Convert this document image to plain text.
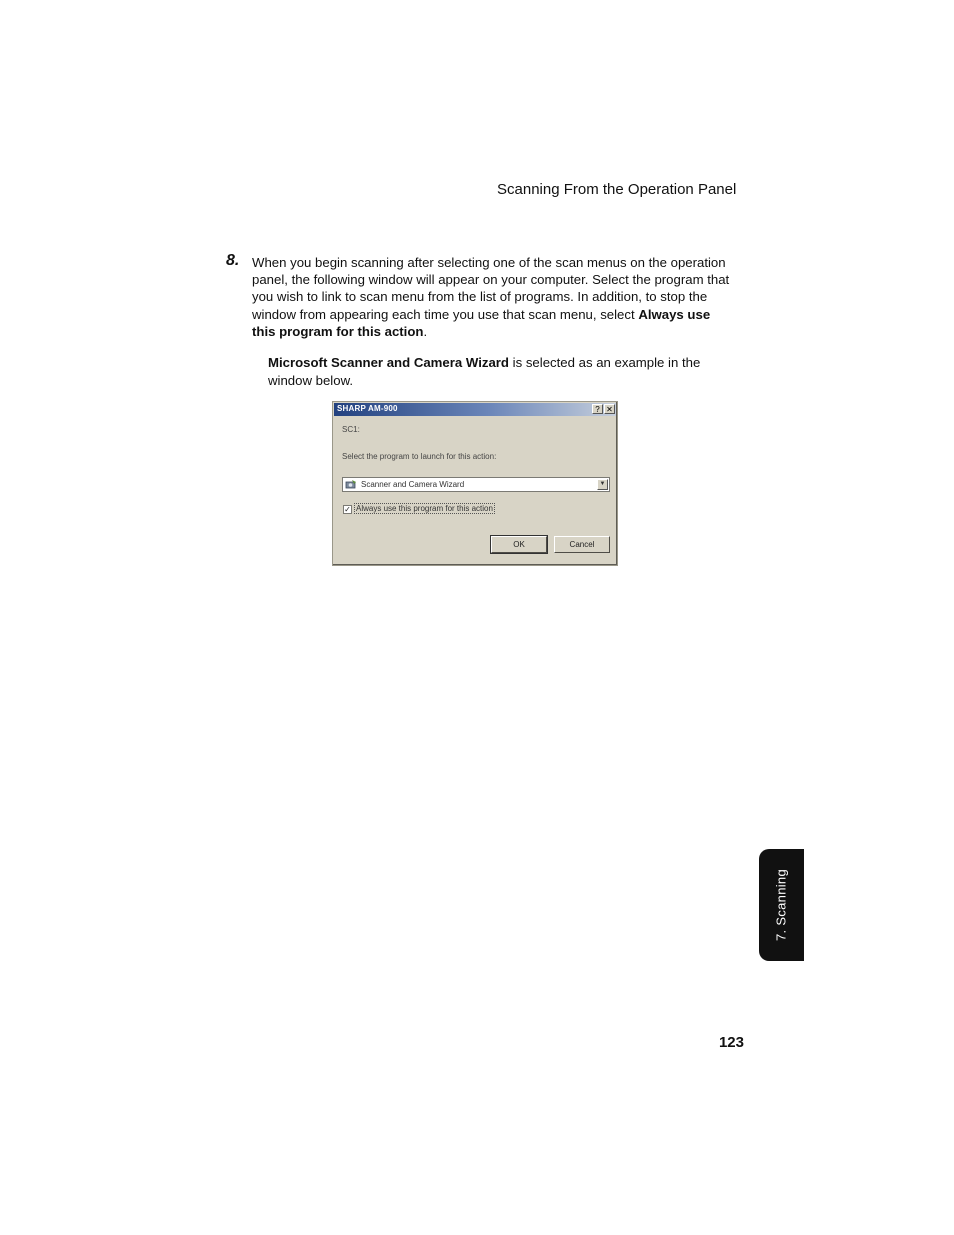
Scanning From the Operation Panel
8. When you begin scanning after selecting one of the scan menus on the operation panel, the following window will appear on your computer. Select the program that you wish to link to scan menu from the list of programs. In addition, to stop the window from appearing each time you use that scan menu, select Always use this program for this action.
Microsoft Scanner and Camera Wizard is selected as an example in the window below.
SHARP AM-900	? ✕
SC1:
Select the program to launch for this action:
Scanner and Camera Wizard	▼
✓ Always use this program for this action
OK	Cancel
7. Scanning
123
